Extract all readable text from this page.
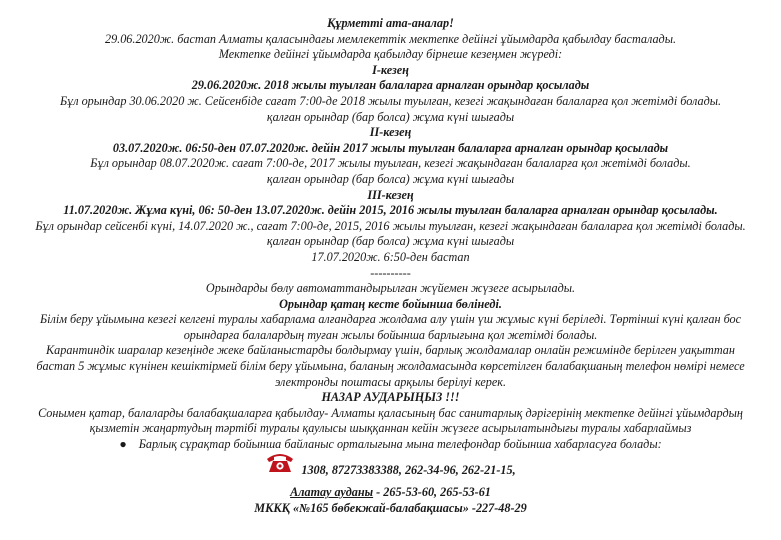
Құрметті ата-аналар!
29.06.2020ж. бастап Алматы қаласындағы мемлекеттік мектепке дейінгі ұйымдарда қабылдау басталады.
Мектепке дейінгі ұйымдарда қабылдау бірнеше кезеңмен жүреді:
I-кезең
29.06.2020ж. 2018 жылы туылған балаларға арналған орындар қосылады
Бұл орындар 30.06.2020 ж. Сейсенбіде сағат 7:00-де 2018 жылы туылған, кезегі жақындаған балаларға қол жетімді болады.
қалған орындар (бар болса) жұма күні шығады
II-кезең
03.07.2020ж. 06:50-ден 07.07.2020ж. дейін 2017 жылы туылған балаларға арналған орындар қосылады
Бұл орындар 08.07.2020ж. сағат 7:00-де, 2017 жылы туылған, кезегі жақындаған балаларға қол жетімді болады.
қалған орындар (бар болса) жұма күні шығады
III-кезең
11.07.2020ж. Жұма күні, 06: 50-ден 13.07.2020ж. дейін 2015, 2016 жылы туылған балаларға арналған орындар қосылады.
Бұл орындар сейсенбі күні, 14.07.2020 ж., сағат 7:00-де, 2015, 2016 жылы туылған, кезегі жақындаған балаларға қол жетімді болады.
қалған орындар (бар болса) жұма күні шығады
17.07.2020ж. 6:50-ден бастап
----------
Орындарды бөлу автоматтандырылған жүйемен жүзеге асырылады.
Орындар қатаң кесте бойынша бөлінеді.
Білім беру ұйымына кезегі келгені туралы хабарлама алғандарға жолдама алу үшін үш жұмыс күні беріледі. Төртінші күні қалған бос орындарға балалардың туған жылы бойынша барлығына қол жетімді болады.
Карантиндік шаралар кезеңінде жеке байланыстарды болдырмау үшін, барлық жолдамалар онлайн режимінде берілген уақыттан бастап 5 жұмыс күнінен кешіктірмей білім беру ұйымына, баланың жолдамасында көрсетілген балабақшаның телефон нөмірі немесе электронды поштасы арқылы берілуі керек.
НАЗАР АУДАРЫҢЫЗ !!!
Сонымен қатар, балаларды балабақшаларға қабылдау- Алматы қаласының бас санитарлық дәрігерінің мектепке дейінгі ұйымдардың қызметін жаңартудың тәртібі туралы қаулысы шыққаннан кейін жүзеге асырылатындығы туралы хабарлаймыз
● Барлық сұрақтар бойынша байланыс орталығына мына телефондар бойынша хабарласуға болады:
1308, 87273383388, 262-34-96, 262-21-15,
Алатау ауданы - 265-53-60, 265-53-61
МККҚ «№165 бөбекжай-балабақшасы» -227-48-29
